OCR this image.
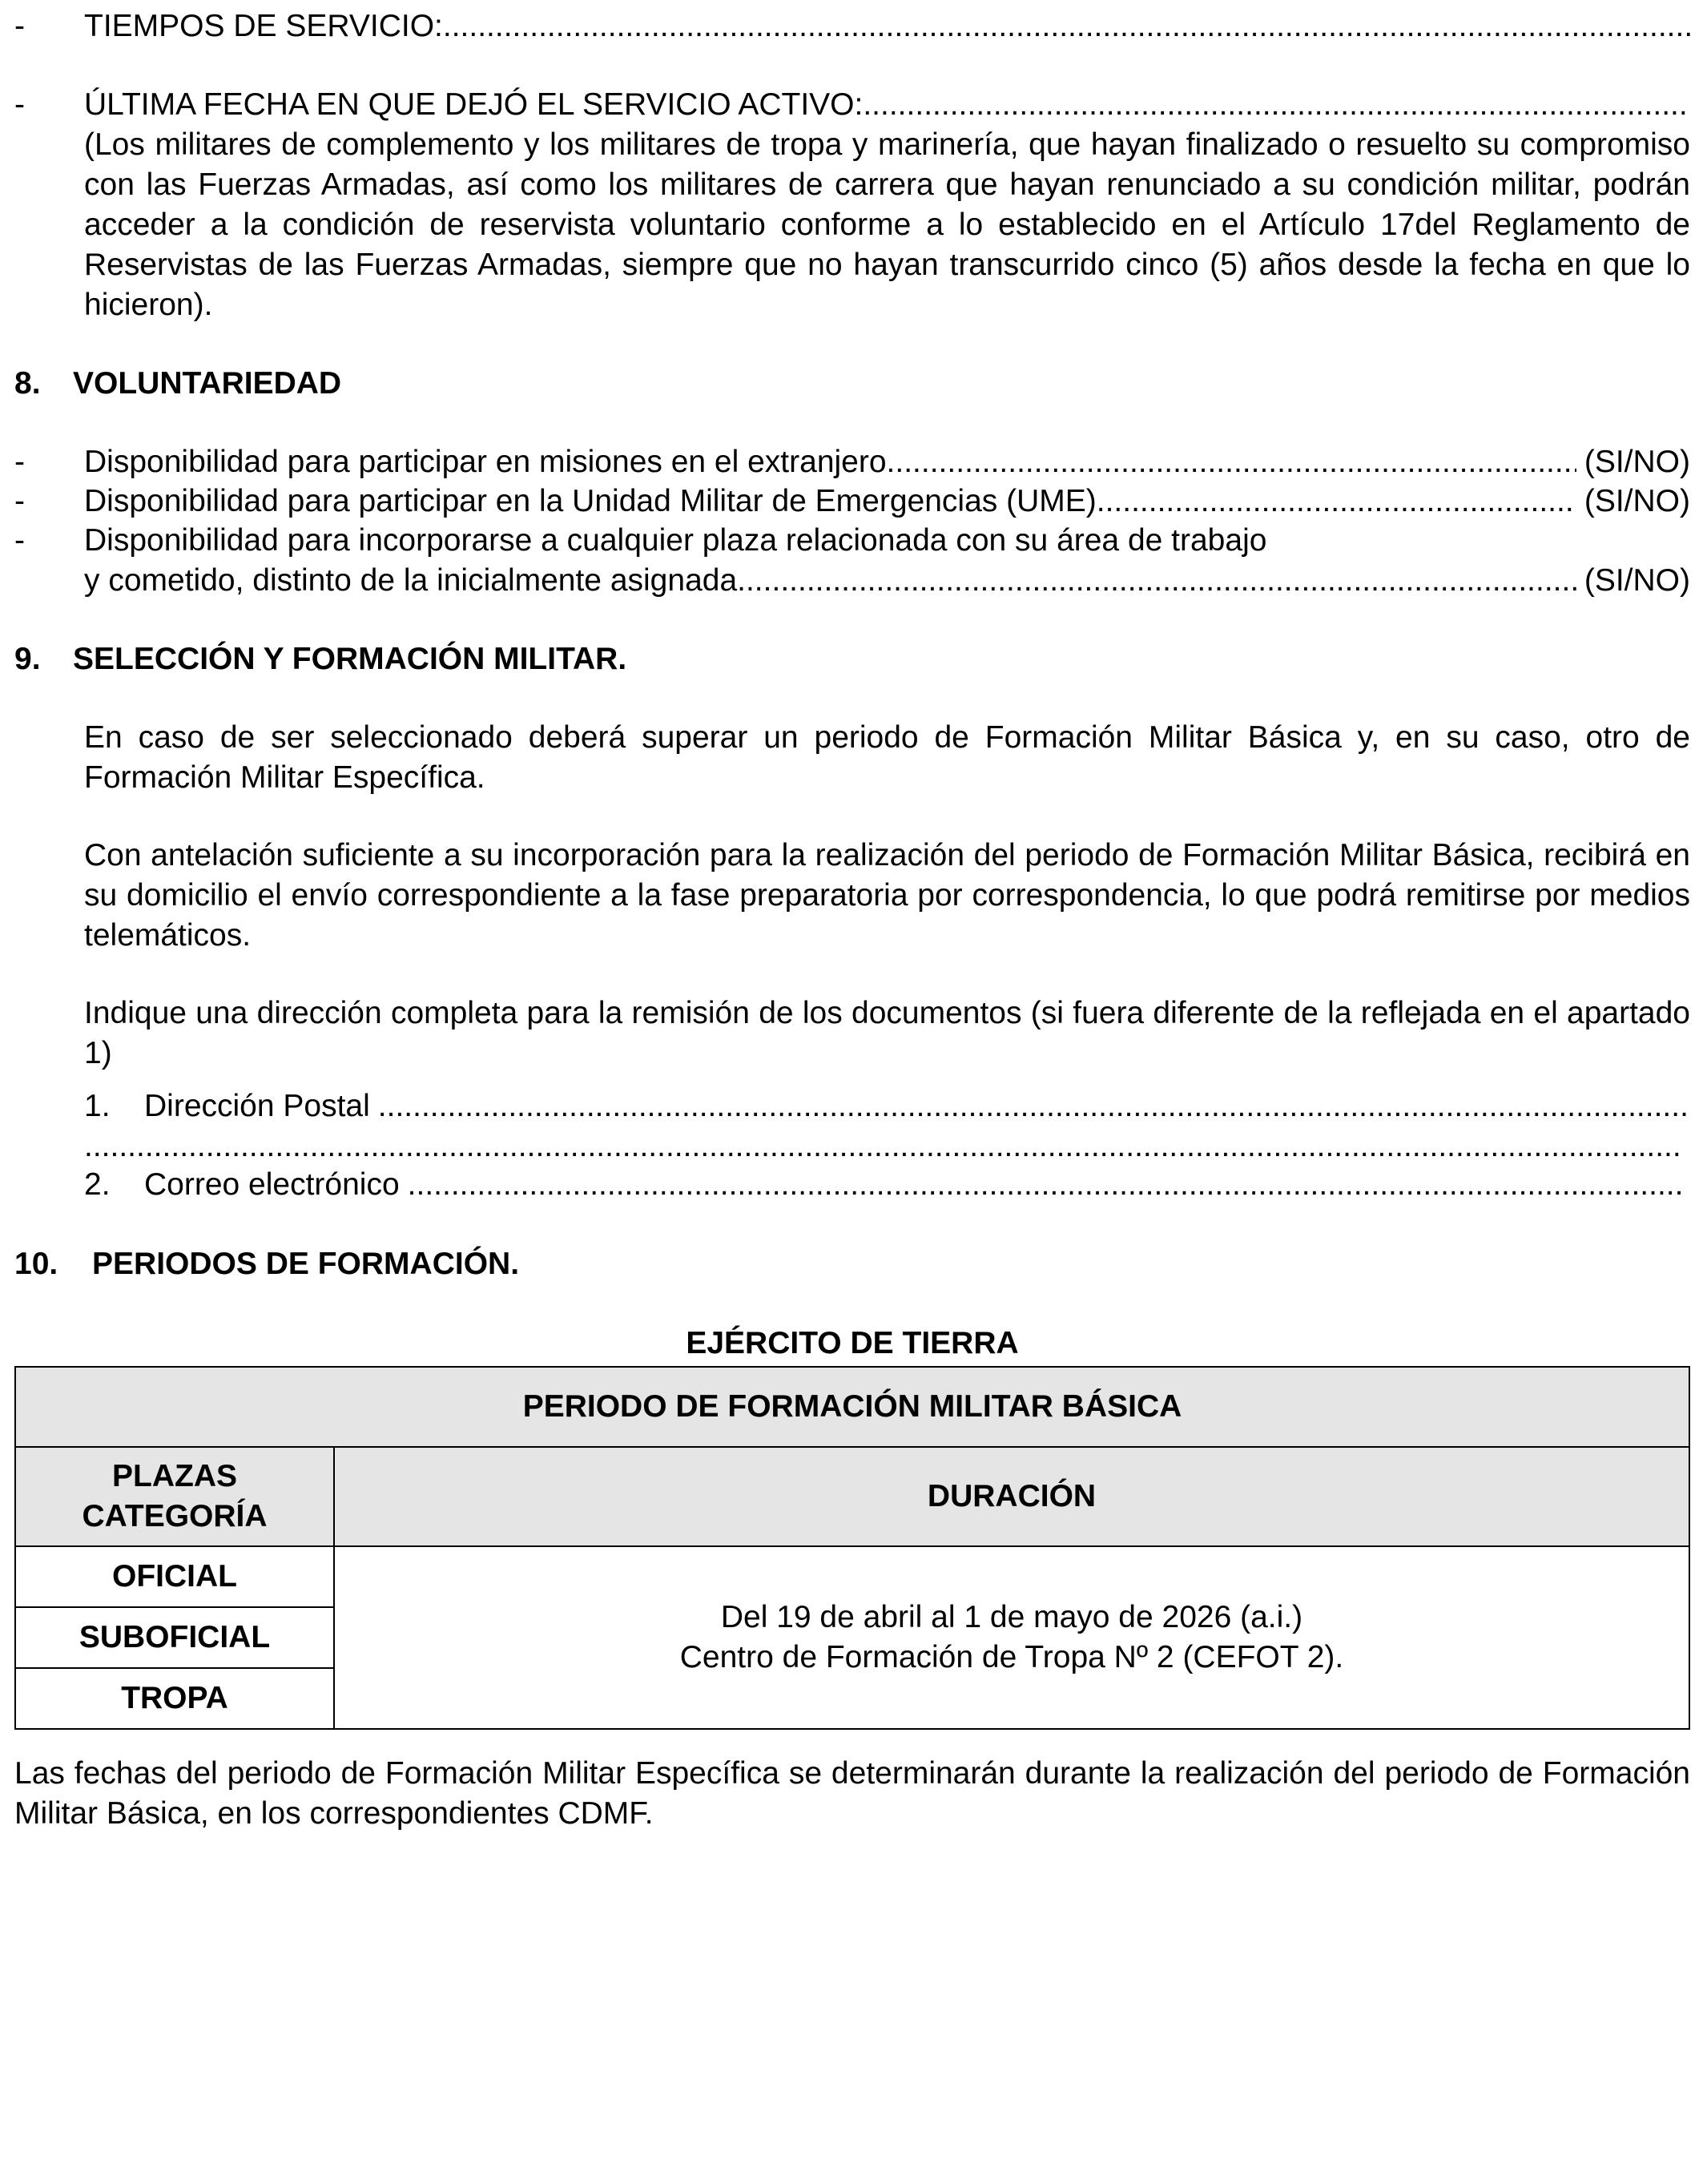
- TIEMPOS DE SERVICIO:
.....
- ÚLTIMA FECHA EN QUE DEJÓ EL SERVICIO ACTIVO:
.....
(Los militares de complemento y los militares de tropa y marinería, que hayan finalizado o resuelto su compromiso con las Fuerzas Armadas, así como los militares de carrera que hayan renunciado a su condición militar, podrán acceder a la condición de reservista voluntario conforme a lo establecido en el Artículo 17del Reglamento de Reservistas de las Fuerzas Armadas, siempre que no hayan transcurrido cinco (5) años desde la fecha en que lo hicieron).
8. VOLUNTARIEDAD
- Disponibilidad para participar en misiones en el extranjero .....	(SI/NO)
- Disponibilidad para participar en la Unidad Militar de Emergencias (UME) .....	(SI/NO)
- Disponibilidad para incorporarse a cualquier plaza relacionada con su área de trabajo
y cometido, distinto de la inicialmente asignada .....	(SI/NO)
9. SELECCIÓN Y FORMACIÓN MILITAR.
En caso de ser seleccionado deberá superar un periodo de Formación Militar Básica y, en su caso, otro de Formación Militar Específica.
Con antelación suficiente a su incorporación para la realización del periodo de Formación Militar Básica, recibirá en su domicilio el envío correspondiente a la fase preparatoria por correspondencia, lo que podrá remitirse por medios telemáticos.
Indique una dirección completa para la remisión de los documentos (si fuera diferente de la reflejada en el apartado 1)
1.	Dirección Postal
.....
.....
2.	Correo electrónico
.....
10. PERIODOS DE FORMACIÓN.
EJÉRCITO DE TIERRA
PERIODO DE FORMACIÓN MILITAR BÁSICA	

PLAZAS
CATEGORÍA	DURACIÓN
OFICIAL	Del 19 de abril al 1 de mayo de 2026 (a.i.)
Centro de Formación de Tropa Nº 2 (CEFOT 2).

SUBOFICIAL	
TROPA	
Las fechas del periodo de Formación Militar Específica se determinarán durante la realización del periodo de Formación Militar Básica, en los correspondientes CDMF.
